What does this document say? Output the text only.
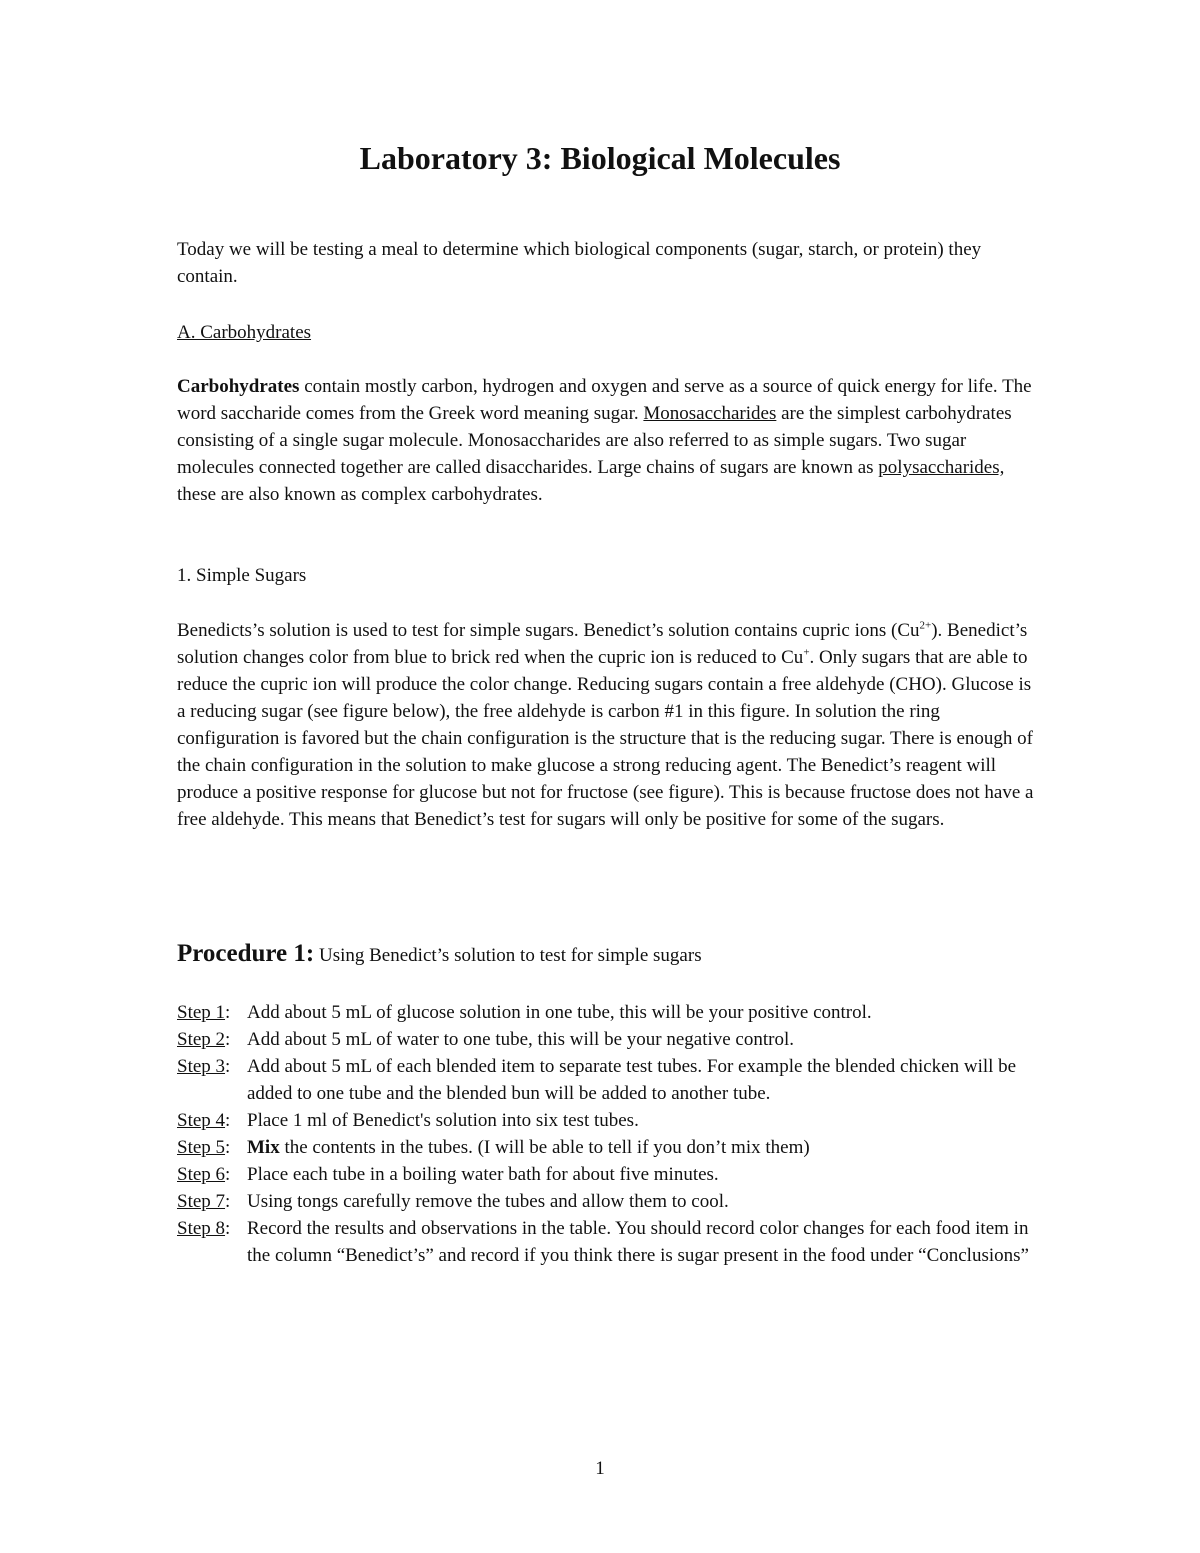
Laboratory 3: Biological Molecules

Today we will be testing a meal to determine which biological components (sugar, starch, or protein) they contain.

A. Carbohydrates

Carbohydrates contain mostly carbon, hydrogen and oxygen and serve as a source of quick energy for life. The word saccharide comes from the Greek word meaning sugar. Monosaccharides are the simplest carbohydrates consisting of a single sugar molecule. Monosaccharides are also referred to as simple sugars. Two sugar molecules connected together are called disaccharides. Large chains of sugars are known as polysaccharides, these are also known as complex carbohydrates.

1. Simple Sugars

Benedicts’s solution is used to test for simple sugars. Benedict’s solution contains cupric ions $(Cu^{2+})$. Benedict’s solution changes color from blue to brick red when the cupric ion is reduced to Cu+. Only sugars that are able to reduce the cupric ion will produce the color change. Reducing sugars contain a free aldehyde (CHO). Glucose is a reducing sugar (see figure below), the free aldehyde is carbon #1 in this figure. In solution the ring configuration is favored but the chain configuration is the structure that is the reducing sugar. There is enough of the chain configuration in the solution to make glucose a strong reducing agent. The Benedict’s reagent will produce a positive response for glucose but not for fructose (see figure). This is because fructose does not have a free aldehyde. This means that Benedict’s test for sugars will only be positive for some of the sugars.

Procedure 1: Using Benedict’s solution to test for simple sugars

Step 1: Add about 5 mL of glucose solution in one tube, this will be your positive control.
Step 2: Add about 5 mL of water to one tube, this will be your negative control.
Step 3: Add about 5 mL of each blended item to separate test tubes. For example the blended chicken will be added to one tube and the blended bun will be added to another tube.
Step 4: Place 1 ml of Benedict's solution into six test tubes.
Step 5: Mix the contents in the tubes. (I will be able to tell if you don’t mix them)
Step 6: Place each tube in a boiling water bath for about five minutes.
Step 7: Using tongs carefully remove the tubes and allow them to cool.
Step 8: Record the results and observations in the table. You should record color changes for each food item in the column “Benedict’s” and record if you think there is sugar present in the food under “Conclusions”
1
